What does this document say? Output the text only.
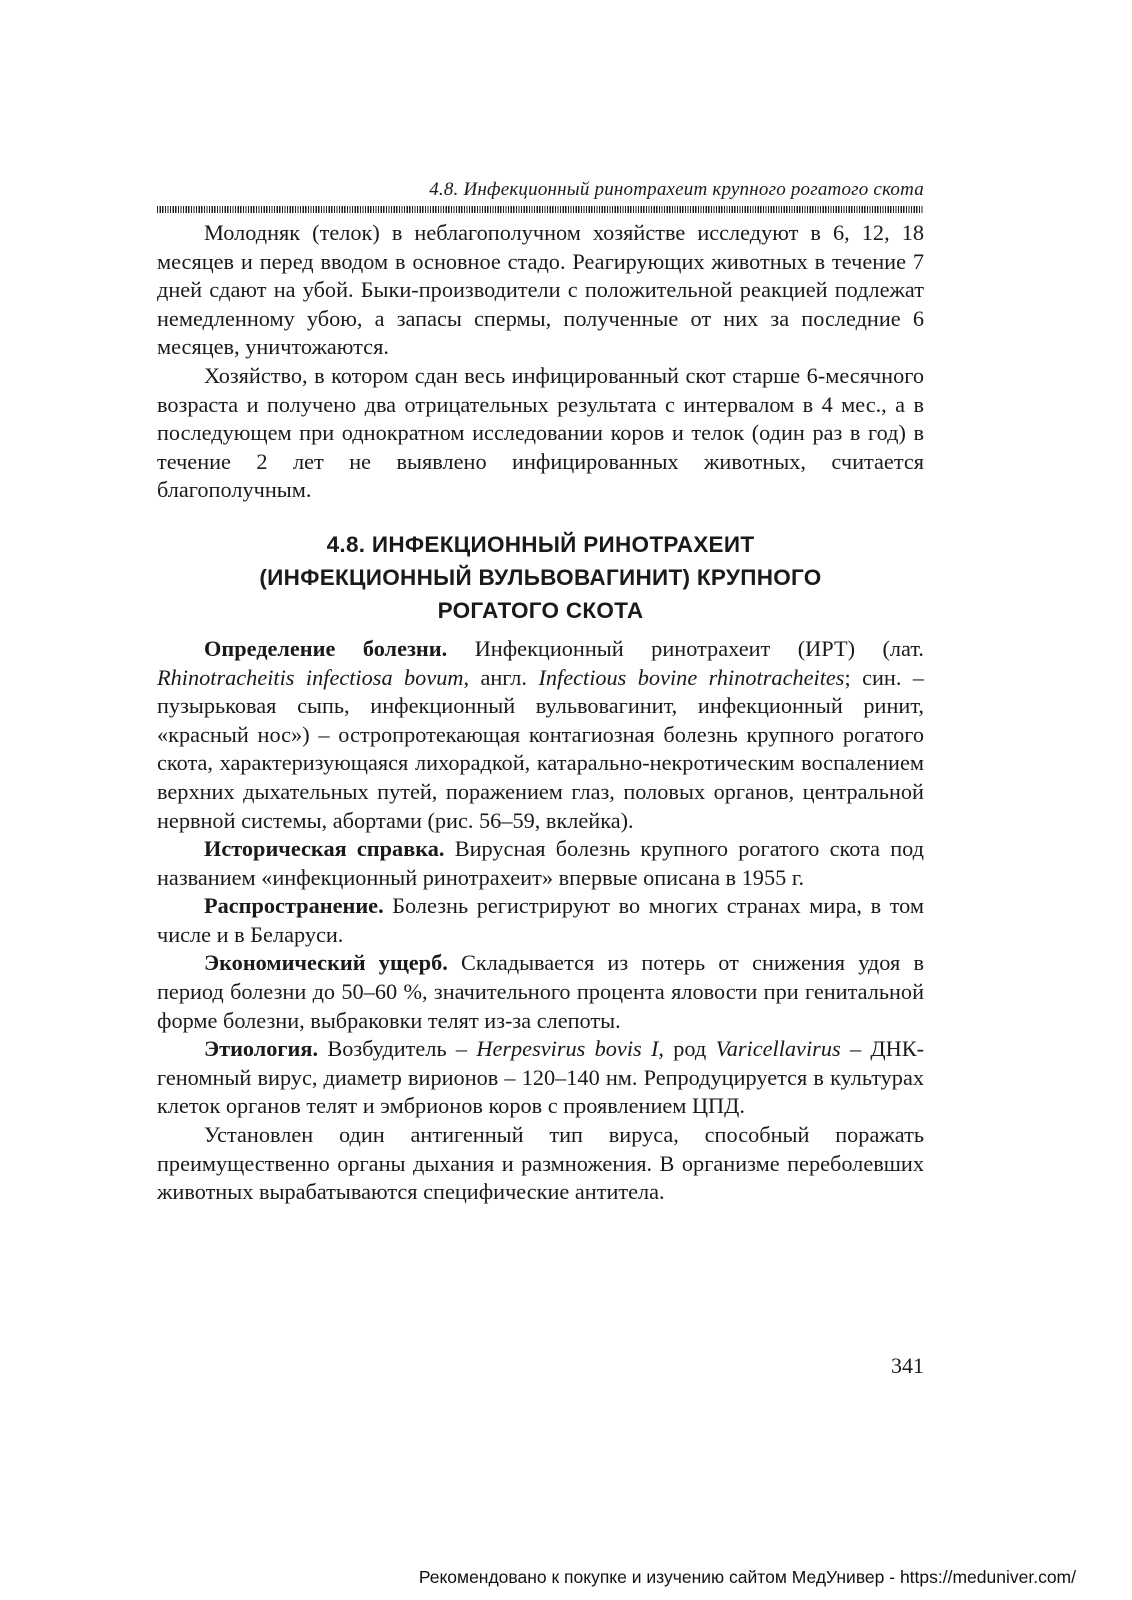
4.8. Инфекционный ринотрахеит крупного рогатого скота

Молодняк (телок) в неблагополучном хозяйстве исследуют в 6, 12, 18 месяцев и перед вводом в основное стадо. Реагирующих животных в течение 7 дней сдают на убой. Быки-производители с положительной реакцией подлежат немедленному убою, а запасы спермы, полученные от них за последние 6 месяцев, уничтожаются.

Хозяйство, в котором сдан весь инфицированный скот старше 6-месячного возраста и получено два отрицательных результата с интервалом в 4 мес., а в последующем при однократном исследовании коров и телок (один раз в год) в течение 2 лет не выявлено инфицированных животных, считается благополучным.

4.8. ИНФЕКЦИОННЫЙ РИНОТРАХЕИТ
(ИНФЕКЦИОННЫЙ ВУЛЬВОВАГИНИТ) КРУПНОГО
РОГАТОГО СКОТА

Определение болезни. Инфекционный ринотрахеит (ИРТ) (лат. Rhinotracheitis infectiosa bovum, англ. Infectious bovine rhinotracheites; син. – пузырьковая сыпь, инфекционный вульвовагинит, инфекционный ринит, «красный нос») – остропротекающая контагиозная болезнь крупного рогатого скота, характеризующаяся лихорадкой, катарально-некротическим воспалением верхних дыхательных путей, поражением глаз, половых органов, центральной нервной системы, абортами (рис. 56–59, вклейка).

Историческая справка. Вирусная болезнь крупного рогатого скота под названием «инфекционный ринотрахеит» впервые описана в 1955 г.

Распространение. Болезнь регистрируют во многих странах мира, в том числе и в Беларуси.

Экономический ущерб. Складывается из потерь от снижения удоя в период болезни до 50–60 %, значительного процента яловости при генитальной форме болезни, выбраковки телят из-за слепоты.

Этиология. Возбудитель – Herpesvirus bovis I, род Varicellavirus – ДНК-геномный вирус, диаметр вирионов – 120–140 нм. Репродуцируется в культурах клеток органов телят и эмбрионов коров с проявлением ЦПД.

Установлен один антигенный тип вируса, способный поражать преимущественно органы дыхания и размножения. В организме переболевших животных вырабатываются специфические антитела.

341
Рекомендовано к покупке и изучению сайтом МедУнивер - https://meduniver.com/
